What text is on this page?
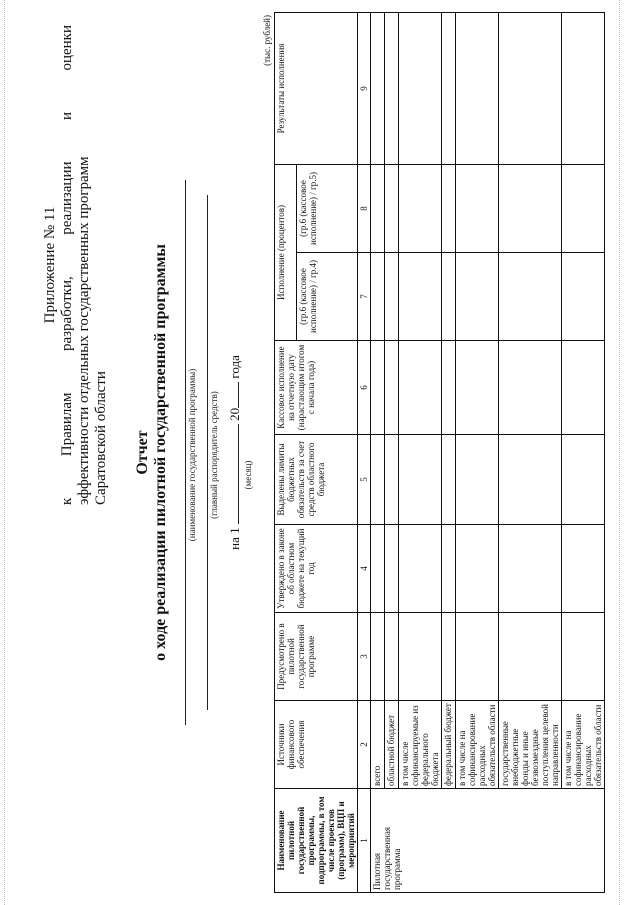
Приложение № 11
к
Правилам
разработки,
реализации
и
оценки
эффективности отдельных государственных программ Саратовской области Отчет о ходе реализации пилотной государственной программы (наименование государственной программы) (главный распорядитель средств)
на 1  20 года
(месяц)
(тыс. рублей)
Наименование пилотной государственной программы, подпрограммы, в том числе проектов (программ), ВЦП и мероприятий	Источники финансового обеспечения	Предусмотрено в пилотной государственной программе	Утверждено в законе об областном бюджете на текущий год	Выделены лимиты бюджетных обязательств за счет средств областного бюджета	Кассовое исполнение на отчетную дату (нарастающим итогом с начала года)	Исполнение (процентов)		Результаты исполнения
						(гр.6 (кассовое исполнение) / гр.4)	(гр.6 (кассовое исполнение) / гр.5)	
1	2	3	4	5	6	7	8	9
Пилотная государственная программа	всего							
	областной бюджет							
	в том числе софинансируемые из федерального бюджета							
	федеральный бюджет							
	в том числе на софинансирование расходных обязательств области							
	государственные внебюджетные фонды и иные безвозмездные поступления целевой направленности							
	в том числе на софинансирование расходных обязательств области							
